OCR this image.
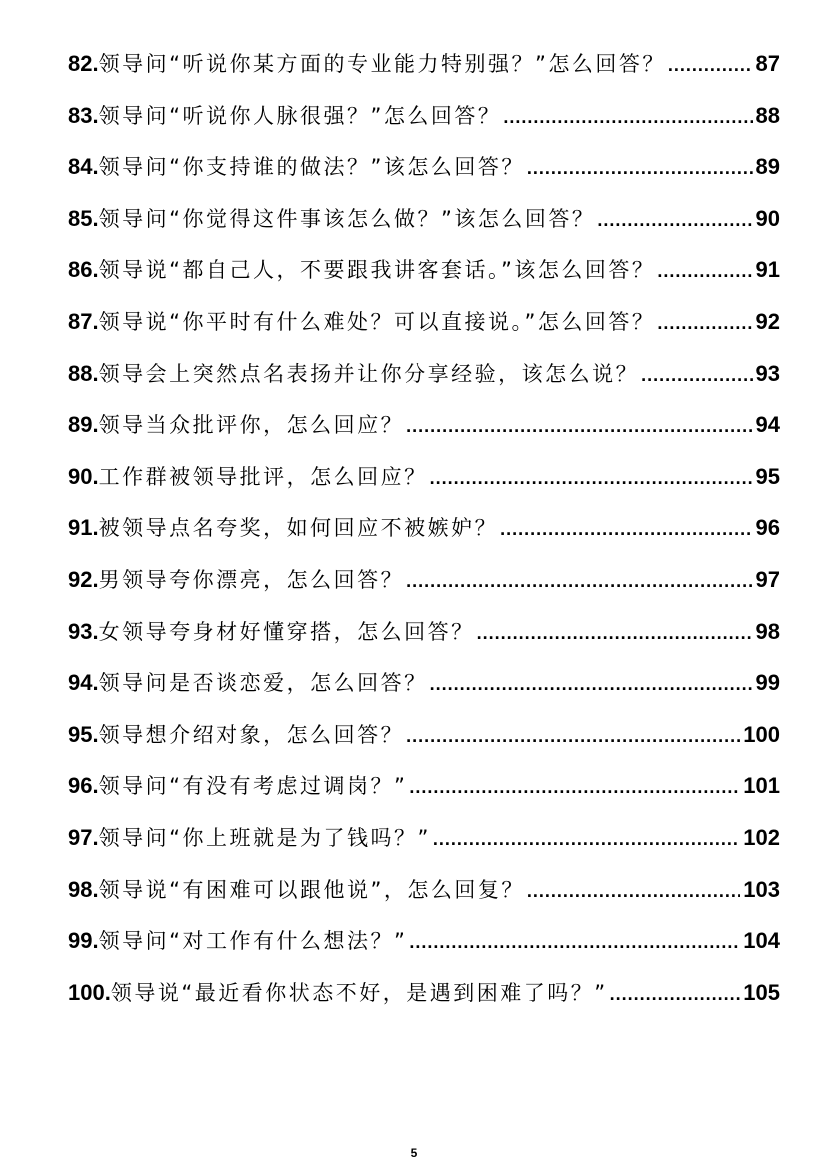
82. 领导问“听说你某方面的专业能力特别强？”怎么回答？ .....	87
83. 领导问“听说你人脉很强？”怎么回答？ .....	88
84. 领导问“你支持谁的做法？”该怎么回答？ .....	89
85. 领导问“你觉得这件事该怎么做？”该怎么回答？ .....	90
86. 领导说“都自己人，不要跟我讲客套话。”该怎么回答？ .....	91
87. 领导说“你平时有什么难处？可以直接说。”怎么回答？ .....	92
88. 领导会上突然点名表扬并让你分享经验，该怎么说？ .....	93
89. 领导当众批评你，怎么回应？ .....	94
90. 工作群被领导批评，怎么回应？ .....	95
91. 被领导点名夸奖，如何回应不被嫉妒？ .....	96
92. 男领导夸你漂亮，怎么回答？ .....	97
93. 女领导夸身材好懂穿搭，怎么回答？ .....	98
94. 领导问是否谈恋爱，怎么回答？ .....	99
95. 领导想介绍对象，怎么回答？ .....	100
96. 领导问“有没有考虑过调岗？” .....	101
97. 领导问“你上班就是为了钱吗？” .....	102
98. 领导说“有困难可以跟他说”，怎么回复？ .....	103
99. 领导问“对工作有什么想法？” .....	104
100. 领导说“最近看你状态不好，是遇到困难了吗？” .....	105
5
